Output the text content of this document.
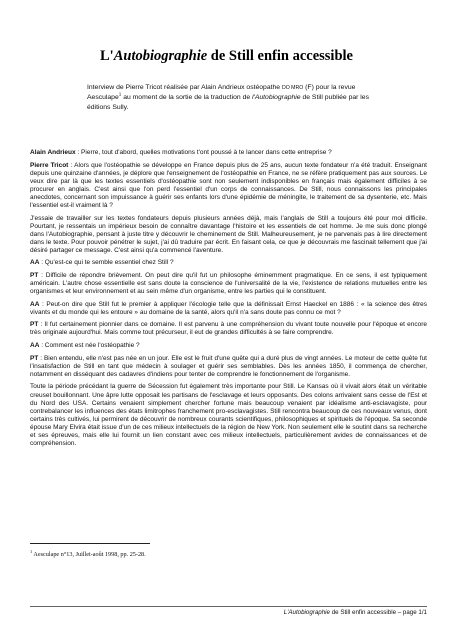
L'Autobiographie de Still enfin accessible
Interview de Pierre Tricot réalisée par Alain Andrieux ostéopathe DO MRO (F) pour la revue Aesculape$^1$ au moment de la sortie de la traduction de l'Autobiographie de Still publiée par les éditions Sully.

Alain Andrieux : Pierre, tout d'abord, quelles motivations t'ont poussé à te lancer dans cette entreprise ?

Pierre Tricot : Alors que l'ostéopathie se développe en France depuis plus de 25 ans, aucun texte fondateur n'a été traduit. Enseignant depuis une quinzaine d'années, je déplore que l'enseignement de l'ostéopathie en France, ne se réfère pratiquement pas aux sources. Le veux dire par là que les textes essentiels d'ostéopathie sont non seulement indisponibles en français mais également difficiles à se procurer en anglais. C'est ainsi que l'on perd l'essentiel d'un corps de connaissances. De Still, nous connaissons les principales anecdotes, concernant son impuissance à guérir ses enfants lors d'une épidémie de méningite, le traitement de sa dysenterie, etc. Mais l'essentiel est-il vraiment là ?

J'essaie de travailler sur les textes fondateurs depuis plusieurs années déjà, mais l'anglais de Still a toujours été pour moi difficile. Pourtant, je ressentais un impérieux besoin de connaître davantage l'histoire et les essentiels de cet homme. Je me suis donc plongé dans l'Autobiographie, pensant à juste titre y découvrir le cheminement de Still. Malheureusement, je ne parvenais pas à lire directement dans le texte. Pour pouvoir pénétrer le sujet, j'ai dû traduire par écrit. En faisant cela, ce que je découvrais me fascinait tellement que j'ai désiré partager ce message. C'est ainsi qu'a commencé l'aventure.

AA : Qu'est-ce qui te semble essentiel chez Still ?

PT : Difficile de répondre brièvement. On peut dire qu'il fut un philosophe éminemment pragmatique. En ce sens, il est typiquement américain. L'autre chose essentielle est sans doute la conscience de l'universalité de la vie, l'existence de relations mutuelles entre les organismes et leur environnement et au sein même d'un organisme, entre les parties qui le constituent.

AA : Peut-on dire que Still fut le premier à appliquer l'écologie telle que la définissait Ernst Haeckel en 1886 : « la science des êtres vivants et du monde qui les entoure » au domaine de la santé, alors qu'il n'a sans doute pas connu ce mot ?

PT : Il fut certainement pionnier dans ce domaine. Il est parvenu à une compréhension du vivant toute nouvelle pour l'époque et encore très originale aujourd'hui. Mais comme tout précurseur, il eut de grandes difficultés à se faire comprendre.

AA : Comment est née l'ostéopathie ?

PT : Bien entendu, elle n'est pas née en un jour. Elle est le fruit d'une quête qui a duré plus de vingt années. Le moteur de cette quête fut l'insatisfaction de Still en tant que médecin à soulager et guérir ses semblables. Dès les années 1850, il commença de chercher, notamment en disséquant des cadavres d'indiens pour tenter de comprendre le fonctionnement de l'organisme.

Toute la période précédant la guerre de Sécession fut également très importante pour Still. Le Kansas où il vivait alors était un véritable creuset bouillonnant. Une âpre lutte opposait les partisans de l'esclavage et leurs opposants. Des colons arrivaient sans cesse de l'Est et du Nord des USA. Certains venaient simplement chercher fortune mais beaucoup venaient par idéalisme anti-esclavagiste, pour contrebalancer les influences des états limitrophes franchement pro-esclavagistes. Still rencontra beaucoup de ces nouveaux venus, dont certains très cultivés, lui permirent de découvrir de nombreux courants scientifiques, philosophiques et spirituels de l'époque. Sa seconde épouse Mary Elvira était issue d'un de ces milieux intellectuels de la région de New York. Non seulement elle le soutint dans sa recherche et ses épreuves, mais elle lui fournit un lien constant avec ces milieux intellectuels, particulièrement avides de connaissances et de compréhension.

$^1$ Aesculape n°13, Juillet-août 1998, pp. 25-28.
L'Autobiographie de Still enfin accessible – page 1/1
